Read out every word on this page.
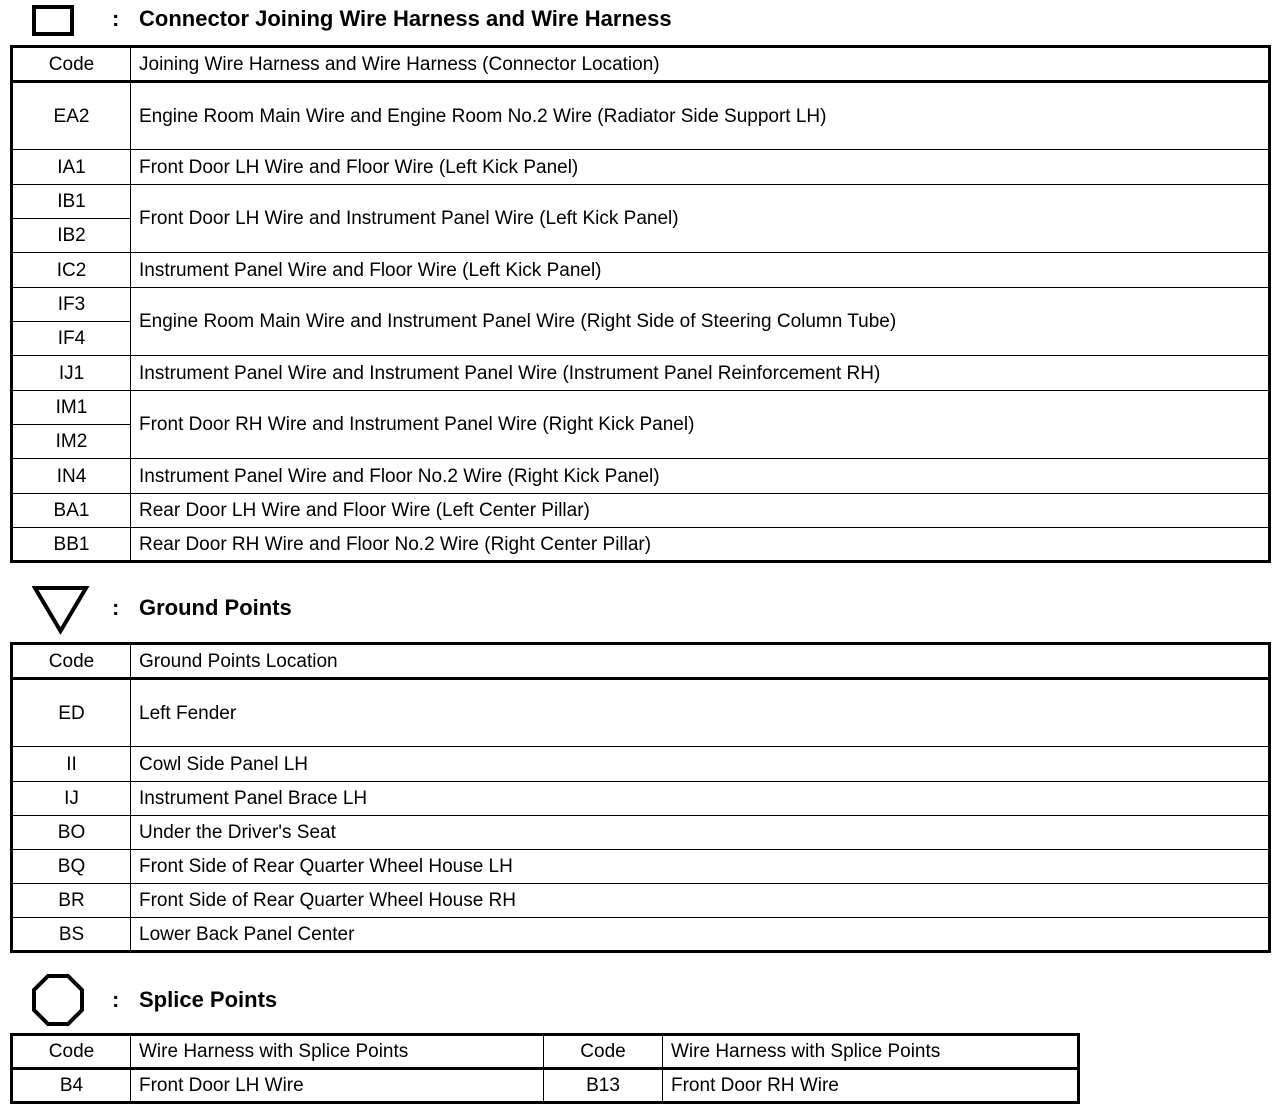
: Connector Joining Wire Harness and Wire Harness
Code	Joining Wire Harness and Wire Harness (Connector Location)
EA2	Engine Room Main Wire and Engine Room No.2 Wire (Radiator Side Support LH)
IA1	Front Door LH Wire and Floor Wire (Left Kick Panel)
IB1	Front Door LH Wire and Instrument Panel Wire (Left Kick Panel)
IB2	
IC2	Instrument Panel Wire and Floor Wire (Left Kick Panel)
IF3	Engine Room Main Wire and Instrument Panel Wire (Right Side of Steering Column Tube)
IF4	
IJ1	Instrument Panel Wire and Instrument Panel Wire (Instrument Panel Reinforcement RH)
IM1	Front Door RH Wire and Instrument Panel Wire (Right Kick Panel)
IM2	
IN4	Instrument Panel Wire and Floor No.2 Wire (Right Kick Panel)
BA1	Rear Door LH Wire and Floor Wire (Left Center Pillar)
BB1	Rear Door RH Wire and Floor No.2 Wire (Right Center Pillar)
: Ground Points
Code	Ground Points Location
ED	Left Fender
II	Cowl Side Panel LH
IJ	Instrument Panel Brace LH
BO	Under the Driver's Seat
BQ	Front Side of Rear Quarter Wheel House LH
BR	Front Side of Rear Quarter Wheel House RH
BS	Lower Back Panel Center
: Splice Points
Code	Wire Harness with Splice Points	Code	Wire Harness with Splice Points
B4	Front Door LH Wire	B13	Front Door RH Wire
